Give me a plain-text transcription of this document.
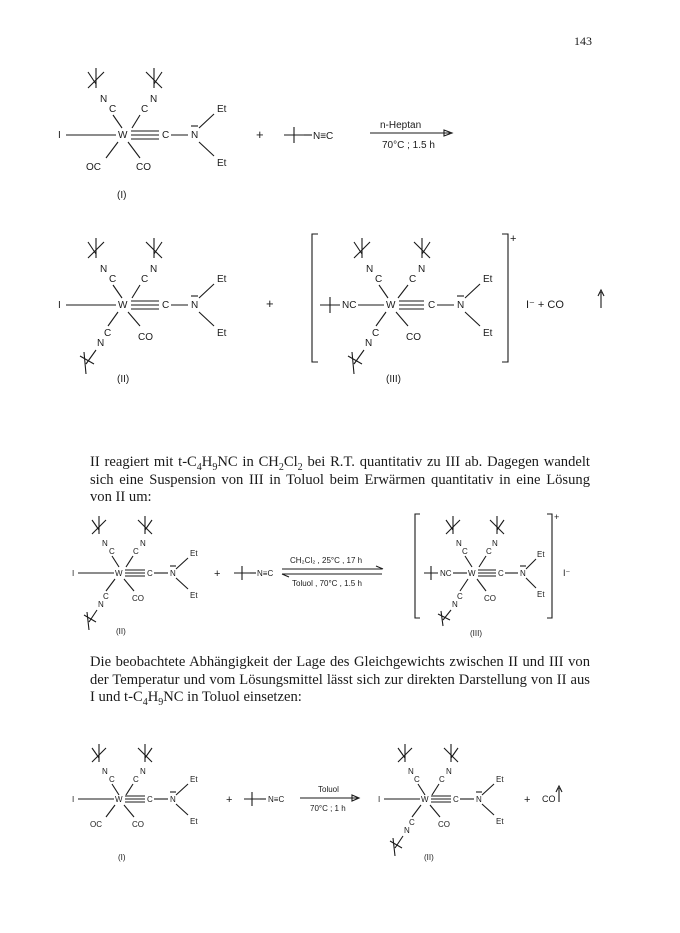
143
N
C
N
C
I	W	C N
Et
Et
OC	CO
(I)
+	N≡C
n-Heptan
70°C ; 1.5 h
N
C
N
C
I	W	C N
Et
Et
C
N
CO
(II)
+
+
N
C
N
C
NC	W	C N
Et
Et
C
N
CO
(III)
I⁻ + CO
II reagiert mit $t-C_4H_9NC$ in $CH_2Cl_2$ bei R.T. quantitativ zu III ab. Dagegen wandelt sich eine Suspension von III in Toluol beim Erwärmen quantitativ in eine Lösung von II um:
N
C
N
C
I	W	C N
Et
Et
C
N
CO
(II)
+	N≡C
CH₂Cl₂ , 25°C , 17 h
Toluol , 70°C , 1.5 h
+
N
C
N
C
NC W	C N
Et
Et
C
N
CO
(III)
I⁻
Die beobachtete Abhängigkeit der Lage des Gleichgewichts zwischen II und III von der Temperatur und vom Lösungsmittel lässt sich zur direkten Darstellung von II aus I und $t-C_4H_9NC$ in Toluol einsetzen:
N
C
N
C
I	W	C N
Et
Et
OC	CO
(I)
+	N≡C
Toluol
70°C ; 1 h
N
C
N
C
I	W	C N
Et
Et
C
N
CO
(II)
+ CO
